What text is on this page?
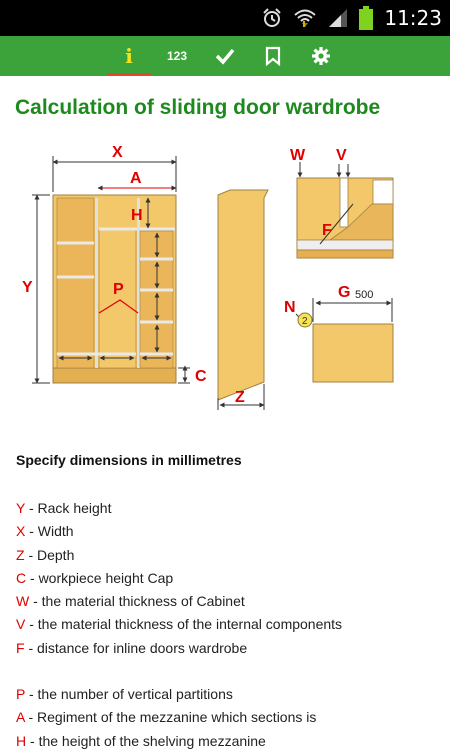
11:23
i	123
Calculation of sliding door wardrobe
X
A
H
Y	P
C
Z
W V
F
G 500
N
2
Specify dimensions in millimetres
Y - Rack height
X - Width
Z - Depth
C - workpiece height Cap
W - the material thickness of Cabinet
V - the material thickness of the internal components
F - distance for inline doors wardrobe
P - the number of vertical partitions
A - Regiment of the mezzanine which sections is
H - the height of the shelving mezzanine
